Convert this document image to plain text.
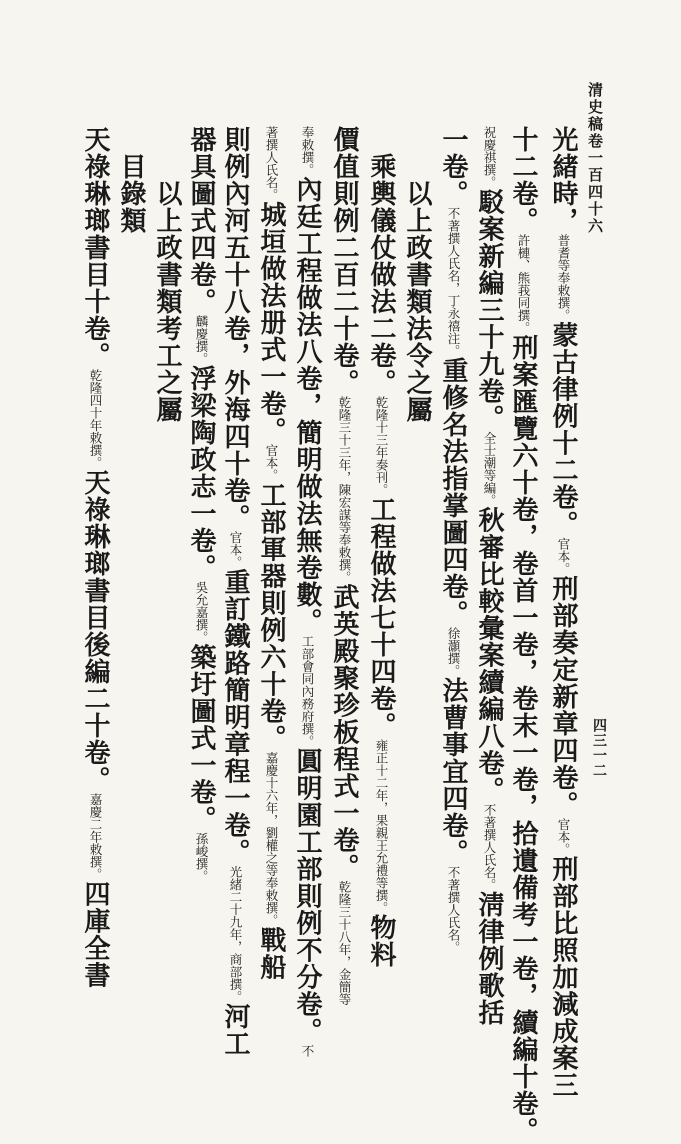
清史稿卷一百四十六
四三一二
光緒時，普耆等奉敕撰。蒙古律例十二卷。官本。刑部奏定新章四卷。官本。刑部比照加減成案三
十二卷。許槤、熊莪同撰。刑案匯覽六十卷，卷首一卷，卷末一卷，拾遺備考一卷，續編十卷。
祝慶祺撰。駁案新編三十九卷。全士潮等編。秋審比較彙案續編八卷。不著撰人氏名。淸律例歌括
一卷。不著撰人氏名，丁永禧注。重修名法指掌圖四卷。徐灝撰。法曹事宜四卷。不著撰人氏名。
以上政書類法令之屬
乘輿儀仗做法二卷。乾隆十三年奏刊。工程做法七十四卷。雍正十二年，果親王允禮等撰。物料
價值則例二百二十卷。乾隆三十三年，陳宏謀等奉敕撰。武英殿聚珍板程式一卷。乾隆三十八年，金簡等
奉敕撰。內廷工程做法八卷，簡明做法無卷數。工部會同內務府撰。圓明園工部則例不分卷。不
著撰人氏名。城垣做法册式一卷。官本。工部軍器則例六十卷。嘉慶十六年，劉權之等奉敕撰。戰船
則例內河五十八卷，外海四十卷。官本。重訂鐵路簡明章程一卷。光緒二十九年，商部撰。河工
器具圖式四卷。麟慶撰。浮梁陶政志一卷。吳允嘉撰。築圩圖式一卷。孫峻撰。
以上政書類考工之屬
目錄類
天祿琳瑯書目十卷。乾隆四十年敕撰。天祿琳瑯書目後編二十卷。嘉慶二年敕撰。四庫全書
